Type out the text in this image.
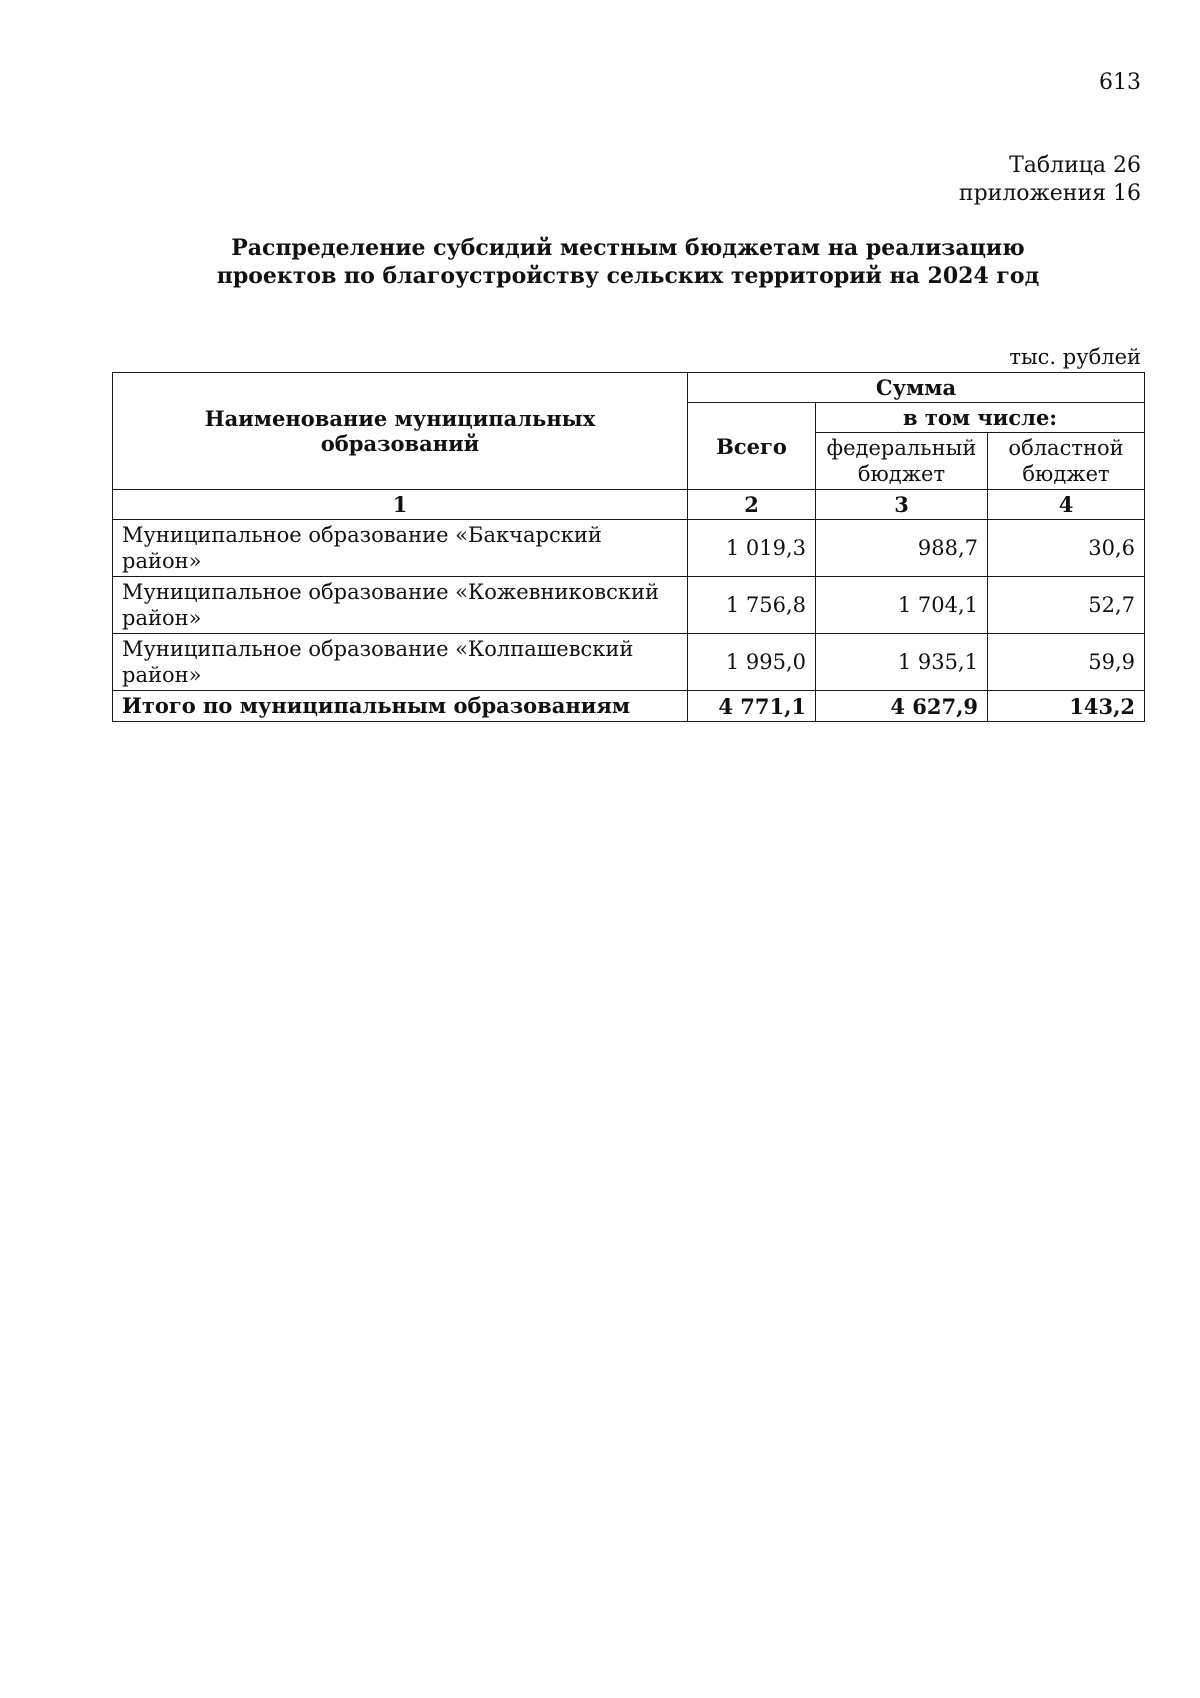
613
Таблица 26
приложения 16
Распределение субсидий местным бюджетам на реализацию
проектов по благоустройству сельских территорий на 2024 год
тыс. рублей
Наименование муниципальных образований	Сумма		
	Всего	в том числе:	
		федеральный бюджет	областной бюджет
1	2	3	4
Муниципальное образование «Бакчарский район»	1 019,3	988,7	30,6
Муниципальное образование «Кожевниковский район»	1 756,8	1 704,1	52,7
Муниципальное образование «Колпашевский район»	1 995,0	1 935,1	59,9
Итого по муниципальным образованиям	4 771,1	4 627,9	143,2
